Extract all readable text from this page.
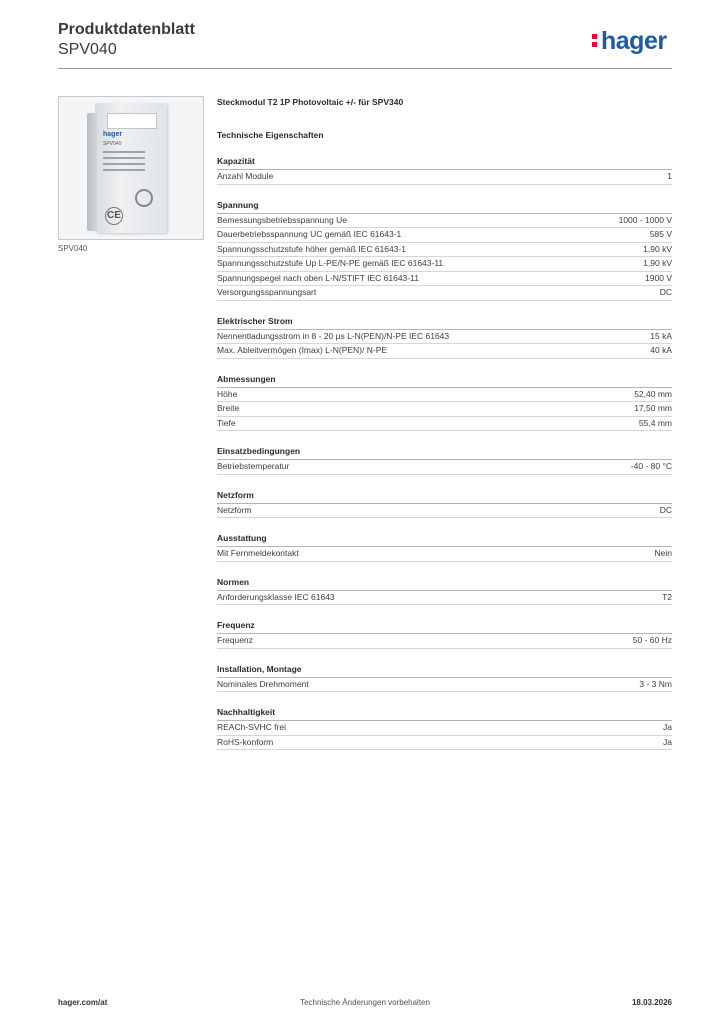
Produktdatenblatt
SPV040	hager
hager
SPV040
CE
SPV040
Steckmodul T2 1P Photovoltaic +/- für SPV340
Technische Eigenschaften
Kapazität
Anzahl Module	1
Spannung
Bemessungsbetriebsspannung Ue	1000 - 1000 V
Dauerbetriebsspannung UC gemäß IEC 61643-1	585 V
Spannungsschutzstufe höher gemäß IEC 61643-1	1,90 kV
Spannungsschutzstufe Up L-PE/N-PE gemäß IEC 61643-11	1,90 kV
Spannungspegel nach oben L-N/STIFT IEC 61643-11	1900 V
Versorgungsspannungsart	DC
Elektrischer Strom
Nennentladungsstrom in 8 - 20 µs L-N(PEN)/N-PE IEC 61643	15 kA
Max. Ableitvermögen (Imax) L-N(PEN)/ N-PE	40 kA
Abmessungen
Höhe	52,40 mm
Breite	17,50 mm
Tiefe	55,4 mm
Einsatzbedingungen
Betriebstemperatur	-40 - 80 °C
Netzform
Netzform	DC
Ausstattung
Mit Fernmeldekontakt	Nein
Normen
Anforderungsklasse IEC 61643	T2
Frequenz
Frequenz	50 - 60 Hz
Installation, Montage
Nominales Drehmoment	3 - 3 Nm
Nachhaltigkeit
REACh-SVHC frei	Ja
RoHS-konform	Ja
hager.com/at	Technische Änderungen vorbehalten	18.03.2026
